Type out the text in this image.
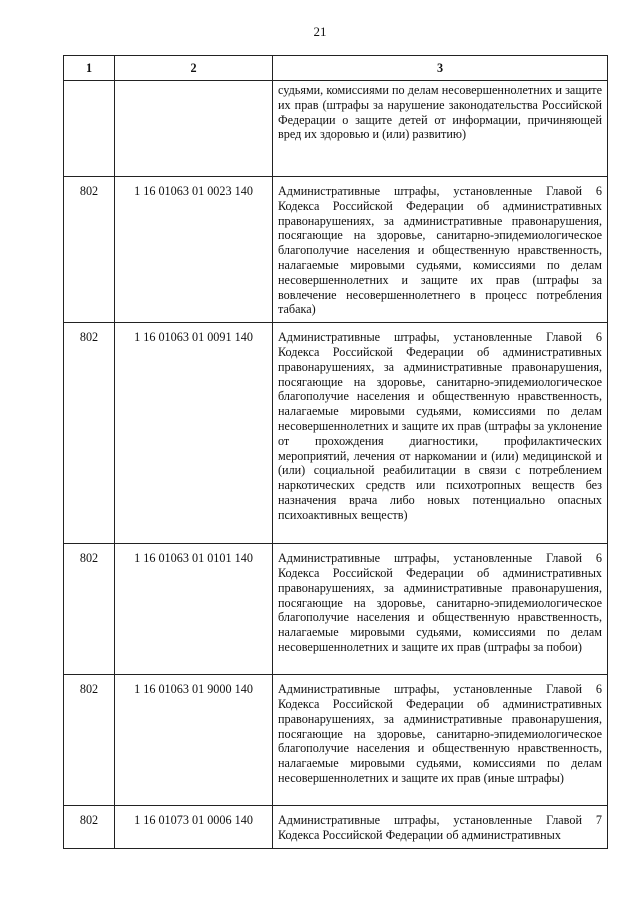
21
1	2	3
		судьями, комиссиями по делам несовершеннолетних и защите их прав (штрафы за нарушение законодательства Российской Федерации о защите детей от информации, причиняющей вред их здоровью и (или) развитию)
802	1 16 01063 01 0023 140	Административные штрафы, установленные Главой 6 Кодекса Российской Федерации об административных правонарушениях, за административные правонарушения, посягающие на здоровье, санитарно-эпидемиологическое благополучие населения и общественную нравственность, налагаемые мировыми судьями, комиссиями по делам несовершеннолетних и защите их прав (штрафы за вовлечение несовершеннолетнего в процесс потребления табака)
802	1 16 01063 01 0091 140	Административные штрафы, установленные Главой 6 Кодекса Российской Федерации об административных правонарушениях, за административные правонарушения, посягающие на здоровье, санитарно-эпидемиологическое благополучие населения и общественную нравственность, налагаемые мировыми судьями, комиссиями по делам несовершеннолетних и защите их прав (штрафы за уклонение от прохождения диагностики, профилактических мероприятий, лечения от наркомании и (или) медицинской и (или) социальной реабилитации в связи с потреблением наркотических средств или психотропных веществ без назначения врача либо новых потенциально опасных психоактивных веществ)
802	1 16 01063 01 0101 140	Административные штрафы, установленные Главой 6 Кодекса Российской Федерации об административных правонарушениях, за административные правонарушения, посягающие на здоровье, санитарно-эпидемиологическое благополучие населения и общественную нравственность, налагаемые мировыми судьями, комиссиями по делам несовершеннолетних и защите их прав (штрафы за побои)
802	1 16 01063 01 9000 140	Административные штрафы, установленные Главой 6 Кодекса Российской Федерации об административных правонарушениях, за административные правонарушения, посягающие на здоровье, санитарно-эпидемиологическое благополучие населения и общественную нравственность, налагаемые мировыми судьями, комиссиями по делам несовершеннолетних и защите их прав (иные штрафы)
802	1 16 01073 01 0006 140	Административные штрафы, установленные Главой 7 Кодекса Российской Федерации об административных
